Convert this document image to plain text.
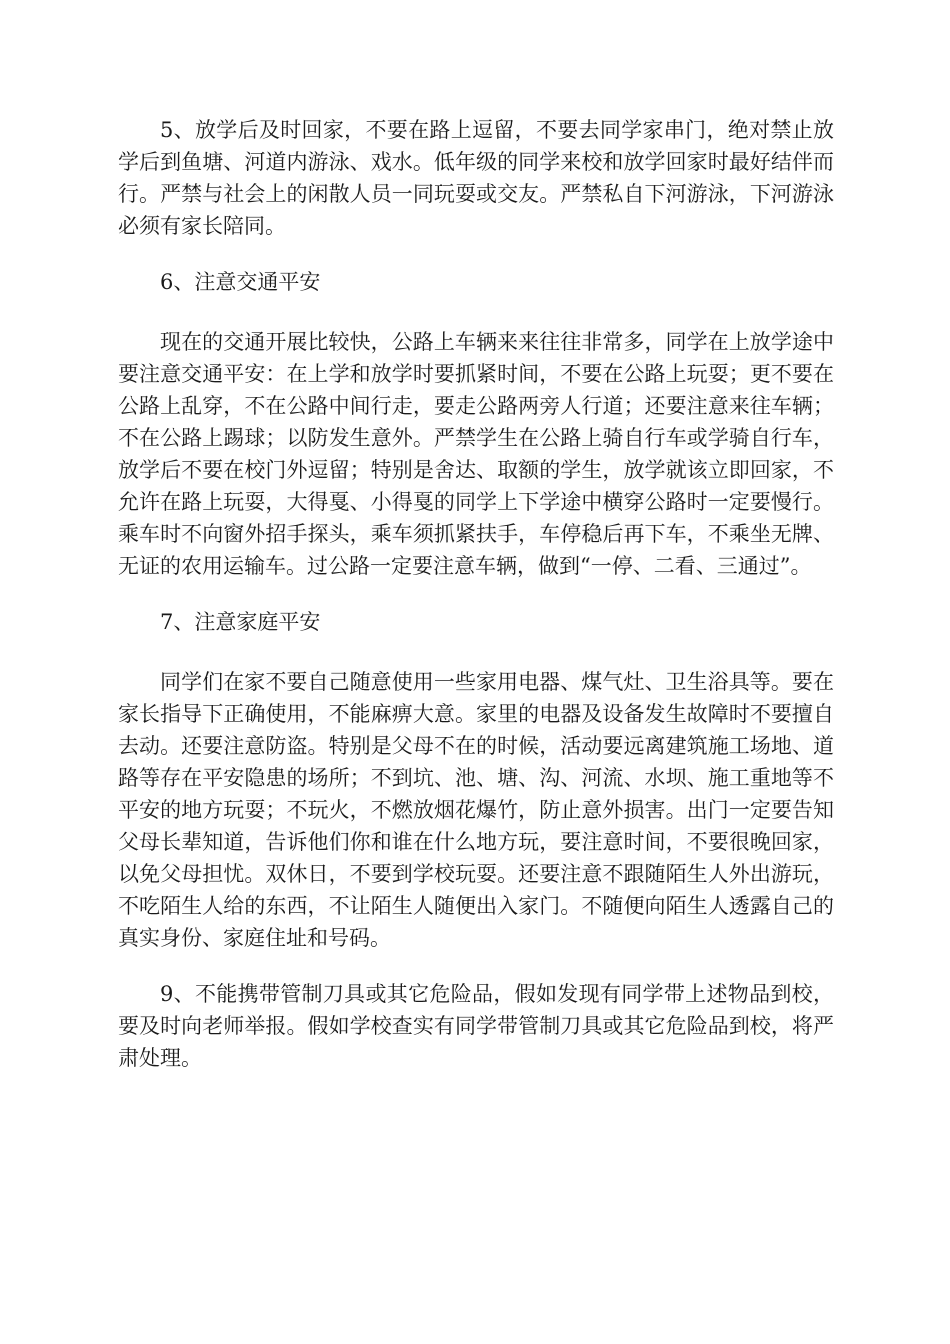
5、放学后及时回家，不要在路上逗留，不要去同学家串门，绝对禁止放学后到鱼塘、河道内游泳、戏水。低年级的同学来校和放学回家时最好结伴而行。严禁与社会上的闲散人员一同玩耍或交友。严禁私自下河游泳，下河游泳必须有家长陪同。

6、注意交通平安

现在的交通开展比较快，公路上车辆来来往往非常多，同学在上放学途中要注意交通平安：在上学和放学时要抓紧时间，不要在公路上玩耍；更不要在公路上乱穿，不在公路中间行走，要走公路两旁人行道；还要注意来往车辆；不在公路上踢球；以防发生意外。严禁学生在公路上骑自行车或学骑自行车，放学后不要在校门外逗留；特别是舍达、取额的学生，放学就该立即回家，不允许在路上玩耍，大得戛、小得戛的同学上下学途中横穿公路时一定要慢行。乘车时不向窗外招手探头，乘车须抓紧扶手，车停稳后再下车，不乘坐无牌、无证的农用运输车。过公路一定要注意车辆，做到“一停、二看、三通过”。

7、注意家庭平安

同学们在家不要自己随意使用一些家用电器、煤气灶、卫生浴具等。要在家长指导下正确使用，不能麻痹大意。家里的电器及设备发生故障时不要擅自去动。还要注意防盗。特别是父母不在的时候，活动要远离建筑施工场地、道路等存在平安隐患的场所；不到坑、池、塘、沟、河流、水坝、施工重地等不平安的地方玩耍；不玩火，不燃放烟花爆竹，防止意外损害。出门一定要告知父母长辈知道，告诉他们你和谁在什么地方玩，要注意时间，不要很晚回家，以免父母担忧。双休日，不要到学校玩耍。还要注意不跟随陌生人外出游玩，不吃陌生人给的东西，不让陌生人随便出入家门。不随便向陌生人透露自己的真实身份、家庭住址和号码。

9、不能携带管制刀具或其它危险品，假如发现有同学带上述物品到校，要及时向老师举报。假如学校查实有同学带管制刀具或其它危险品到校，将严肃处理。
